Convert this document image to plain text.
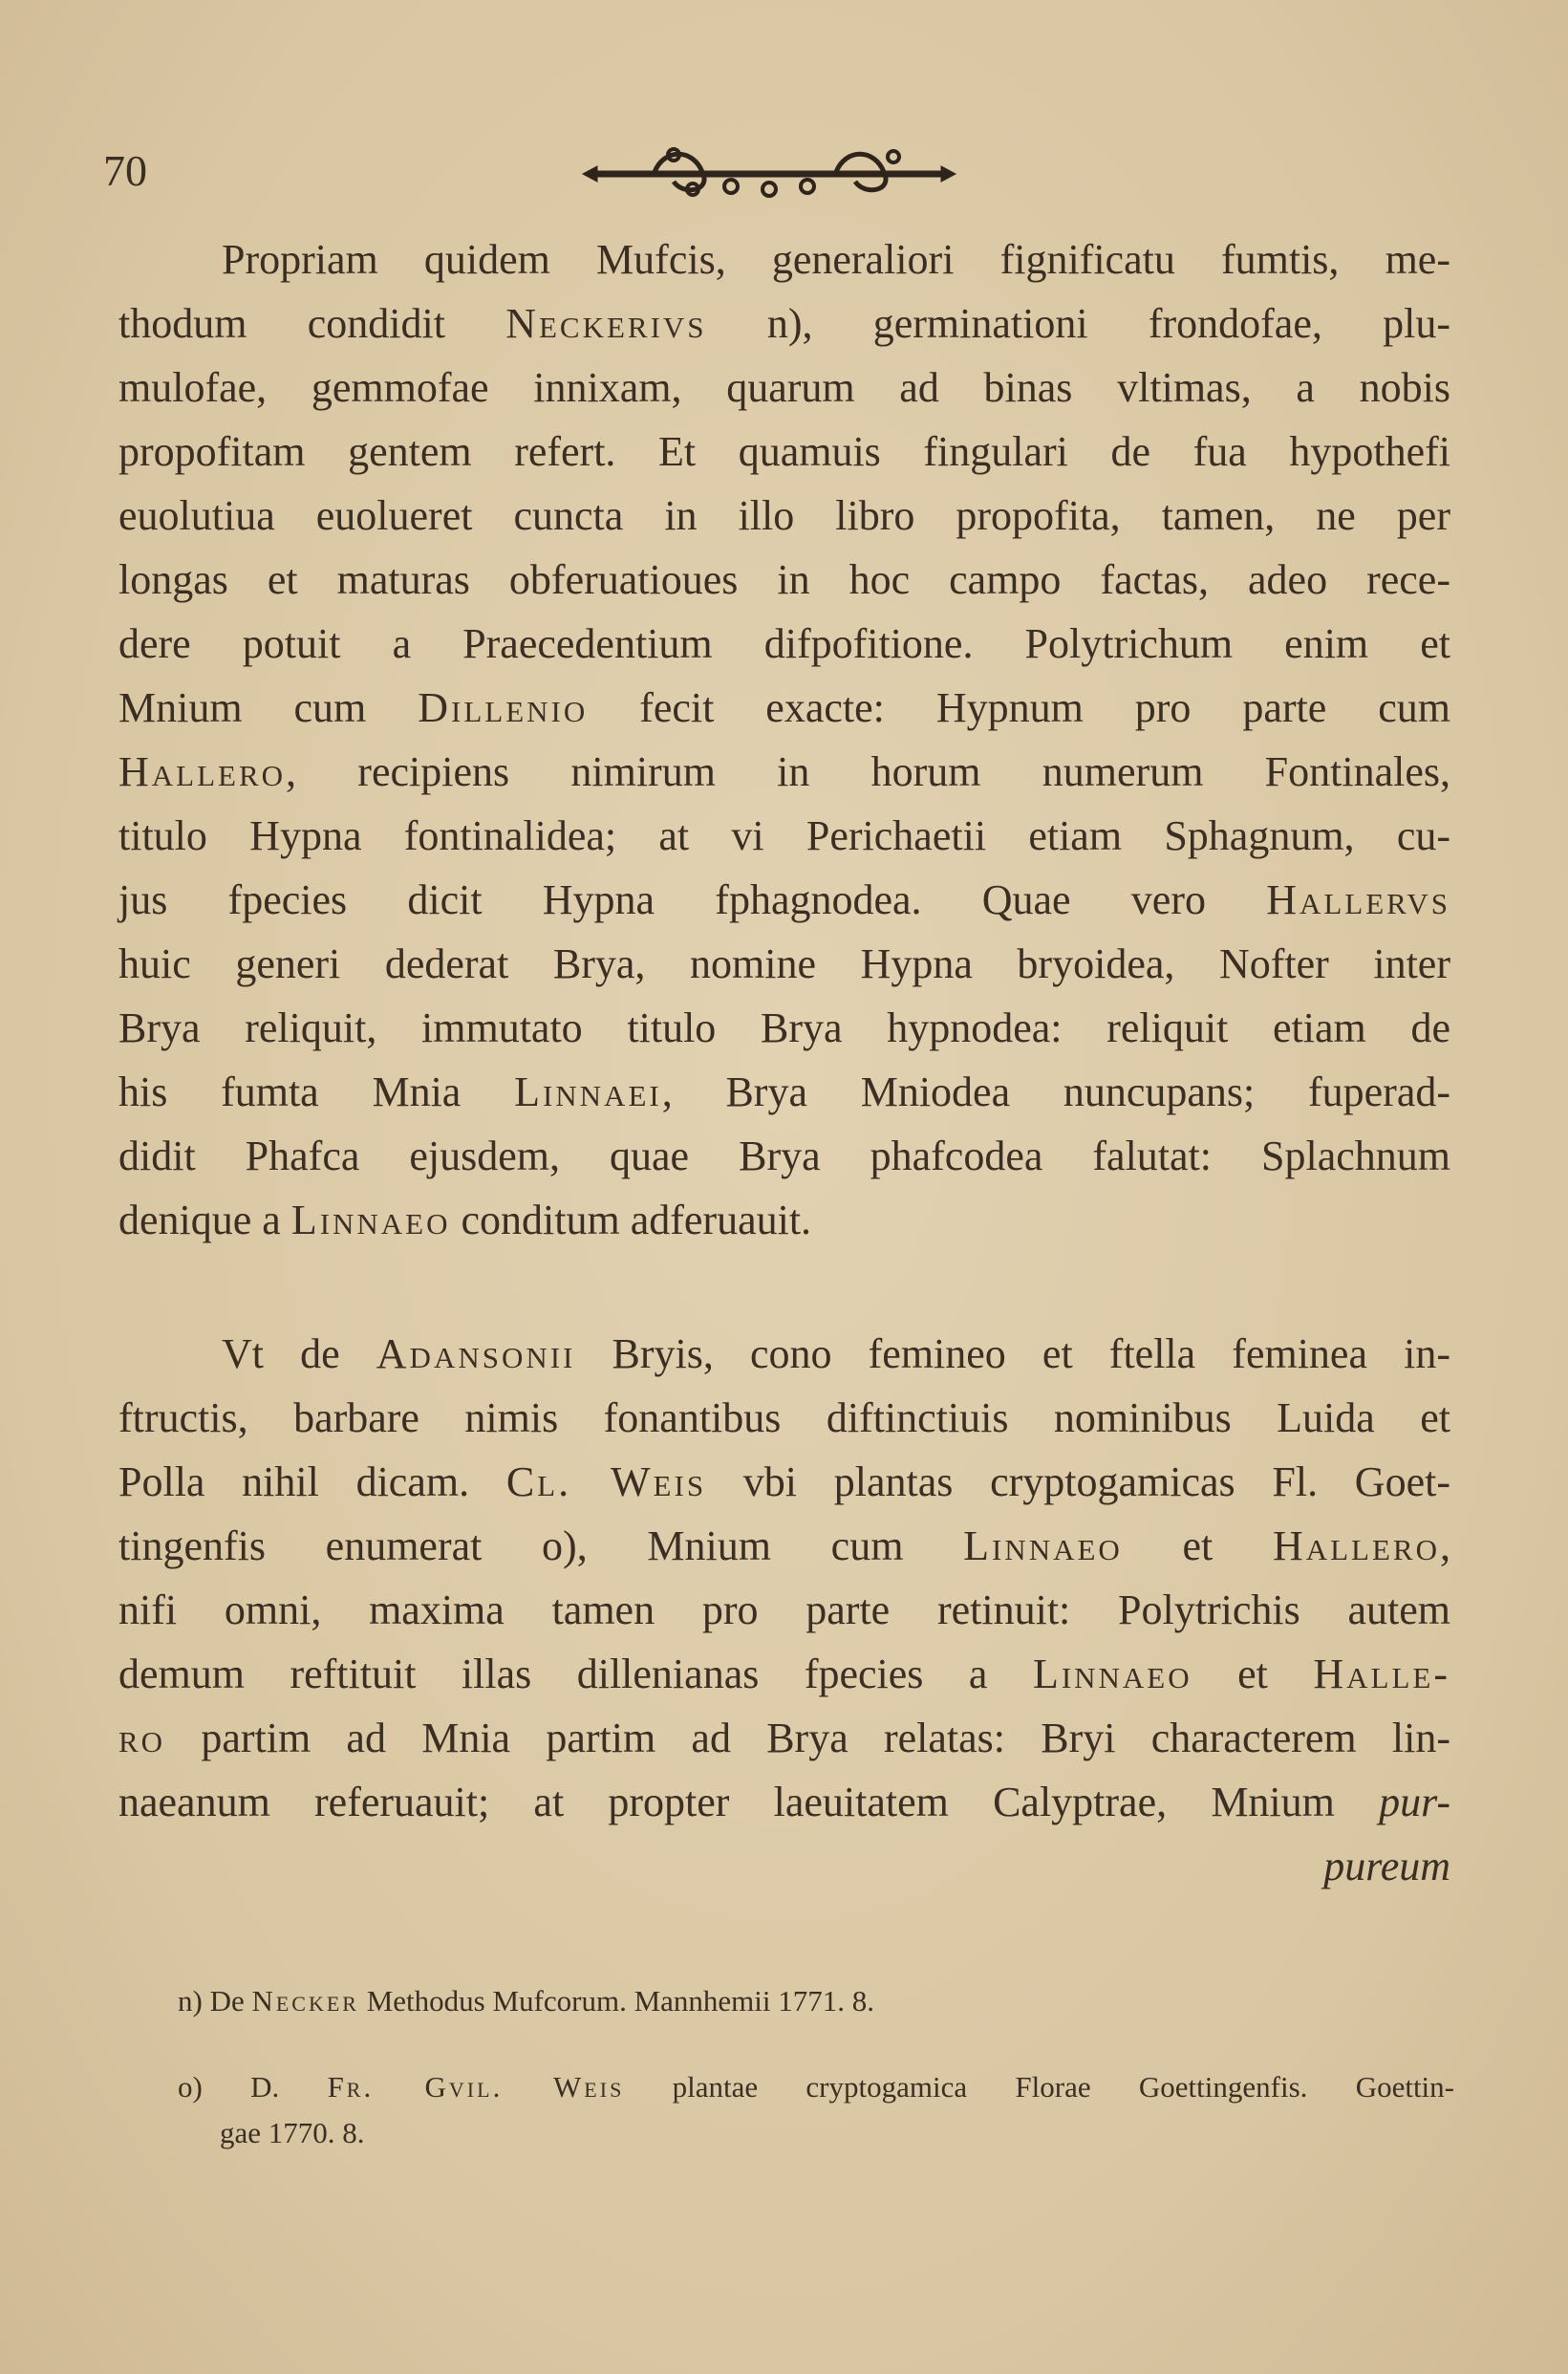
70
Propriam quidem Mufcis, generaliori fignificatu fumtis, me-
thodum condidit Neckerivs n), germinationi frondofae, plu-
mulofae, gemmofae innixam, quarum ad binas vltimas, a nobis
propofitam gentem refert. Et quamuis fingulari de fua hypothefi
euolutiua euolueret cuncta in illo libro propofita, tamen, ne per
longas et maturas obferuatioues in hoc campo factas, adeo rece-
dere potuit a Praecedentium difpofitione. Polytrichum enim et
Mnium cum Dillenio fecit exacte: Hypnum pro parte cum
Hallero, recipiens nimirum in horum numerum Fontinales,
titulo Hypna fontinalidea; at vi Perichaetii etiam Sphagnum, cu-
jus fpecies dicit Hypna fphagnodea. Quae vero Hallervs
huic generi dederat Brya, nomine Hypna bryoidea, Nofter inter
Brya reliquit, immutato titulo Brya hypnodea: reliquit etiam de
his fumta Mnia Linnaei, Brya Mniodea nuncupans; fuperad-
didit Phafca ejusdem, quae Brya phafcodea falutat: Splachnum
denique a Linnaeo conditum adferuauit.
Vt de Adansonii Bryis, cono femineo et ftella feminea in-
ftructis, barbare nimis fonantibus diftinctiuis nominibus Luida et
Polla nihil dicam. Cl. Weis vbi plantas cryptogamicas Fl. Goet-
tingenfis enumerat o), Mnium cum Linnaeo et Hallero,
nifi omni, maxima tamen pro parte retinuit: Polytrichis autem
demum reftituit illas dillenianas fpecies a Linnaeo et Halle-
ro partim ad Mnia partim ad Brya relatas: Bryi characterem lin-
naeanum referuauit; at propter laeuitatem Calyptrae, Mnium pur-
pureum
n) De Necker Methodus Mufcorum. Mannhemii 1771. 8.
o) D. Fr. Gvil. Weis plantae cryptogamica Florae Goettingenfis. Goettin-
gae 1770. 8.
